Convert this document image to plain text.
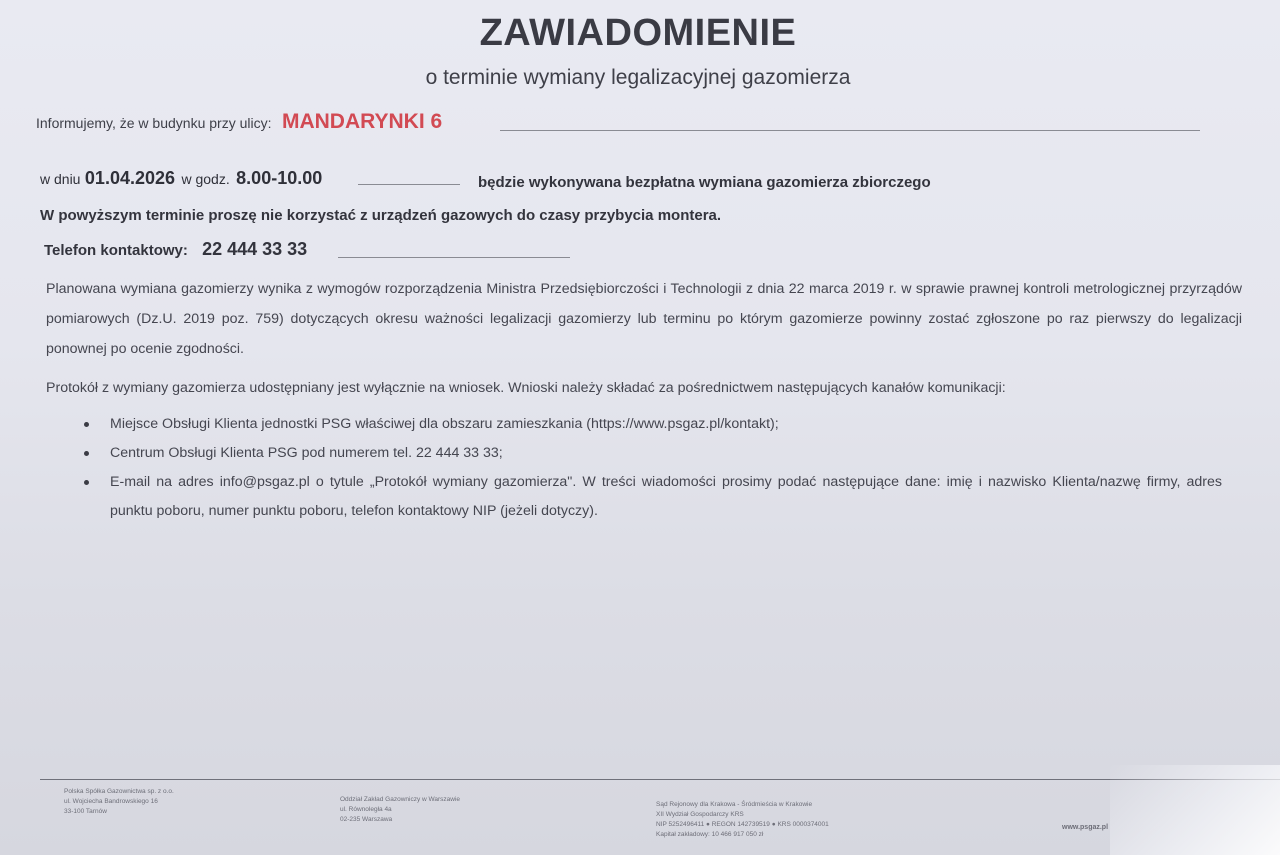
ZAWIADOMIENIE
o terminie wymiany legalizacyjnej gazomierza
Informujemy, że w budynku przy ulicy: MANDARYNKI 6
w dniu 01.04.2026 w godz. 8.00-10.00	będzie wykonywana bezpłatna wymiana gazomierza zbiorczego
W powyższym terminie proszę nie korzystać z urządzeń gazowych do czasy przybycia montera.
Telefon kontaktowy: 22 444 33 33
Planowana wymiana gazomierzy wynika z wymogów rozporządzenia Ministra Przedsiębiorczości i Technologii z dnia 22 marca 2019 r. w sprawie prawnej kontroli metrologicznej przyrządów pomiarowych (Dz.U. 2019 poz. 759) dotyczących okresu ważności legalizacji gazomierzy lub terminu po którym gazomierze powinny zostać zgłoszone po raz pierwszy do legalizacji ponownej po ocenie zgodności.
Protokół z wymiany gazomierza udostępniany jest wyłącznie na wniosek. Wnioski należy składać za pośrednictwem następujących kanałów komunikacji:
Miejsce Obsługi Klienta jednostki PSG właściwej dla obszaru zamieszkania (https://www.psgaz.pl/kontakt);
Centrum Obsługi Klienta PSG pod numerem tel. 22 444 33 33;
E-mail na adres info@psgaz.pl o tytule „Protokół wymiany gazomierza". W treści wiadomości prosimy podać następujące dane: imię i nazwisko Klienta/nazwę firmy, adres punktu poboru, numer punktu poboru, telefon kontaktowy NIP (jeżeli dotyczy).
Polska Spółka Gazownictwa sp. z o.o.
ul. Wojciecha Bandrowskiego 16
33-100 Tarnów
Oddział Zakład Gazowniczy w Warszawie
ul. Równoległa 4a
02-235 Warszawa
Sąd Rejonowy dla Krakowa - Śródmieścia w Krakowie
XII Wydział Gospodarczy KRS
NIP 5252496411 ● REGON 142739519 ● KRS 0000374001
Kapitał zakładowy: 10 466 917 050 zł
www.psgaz.pl
